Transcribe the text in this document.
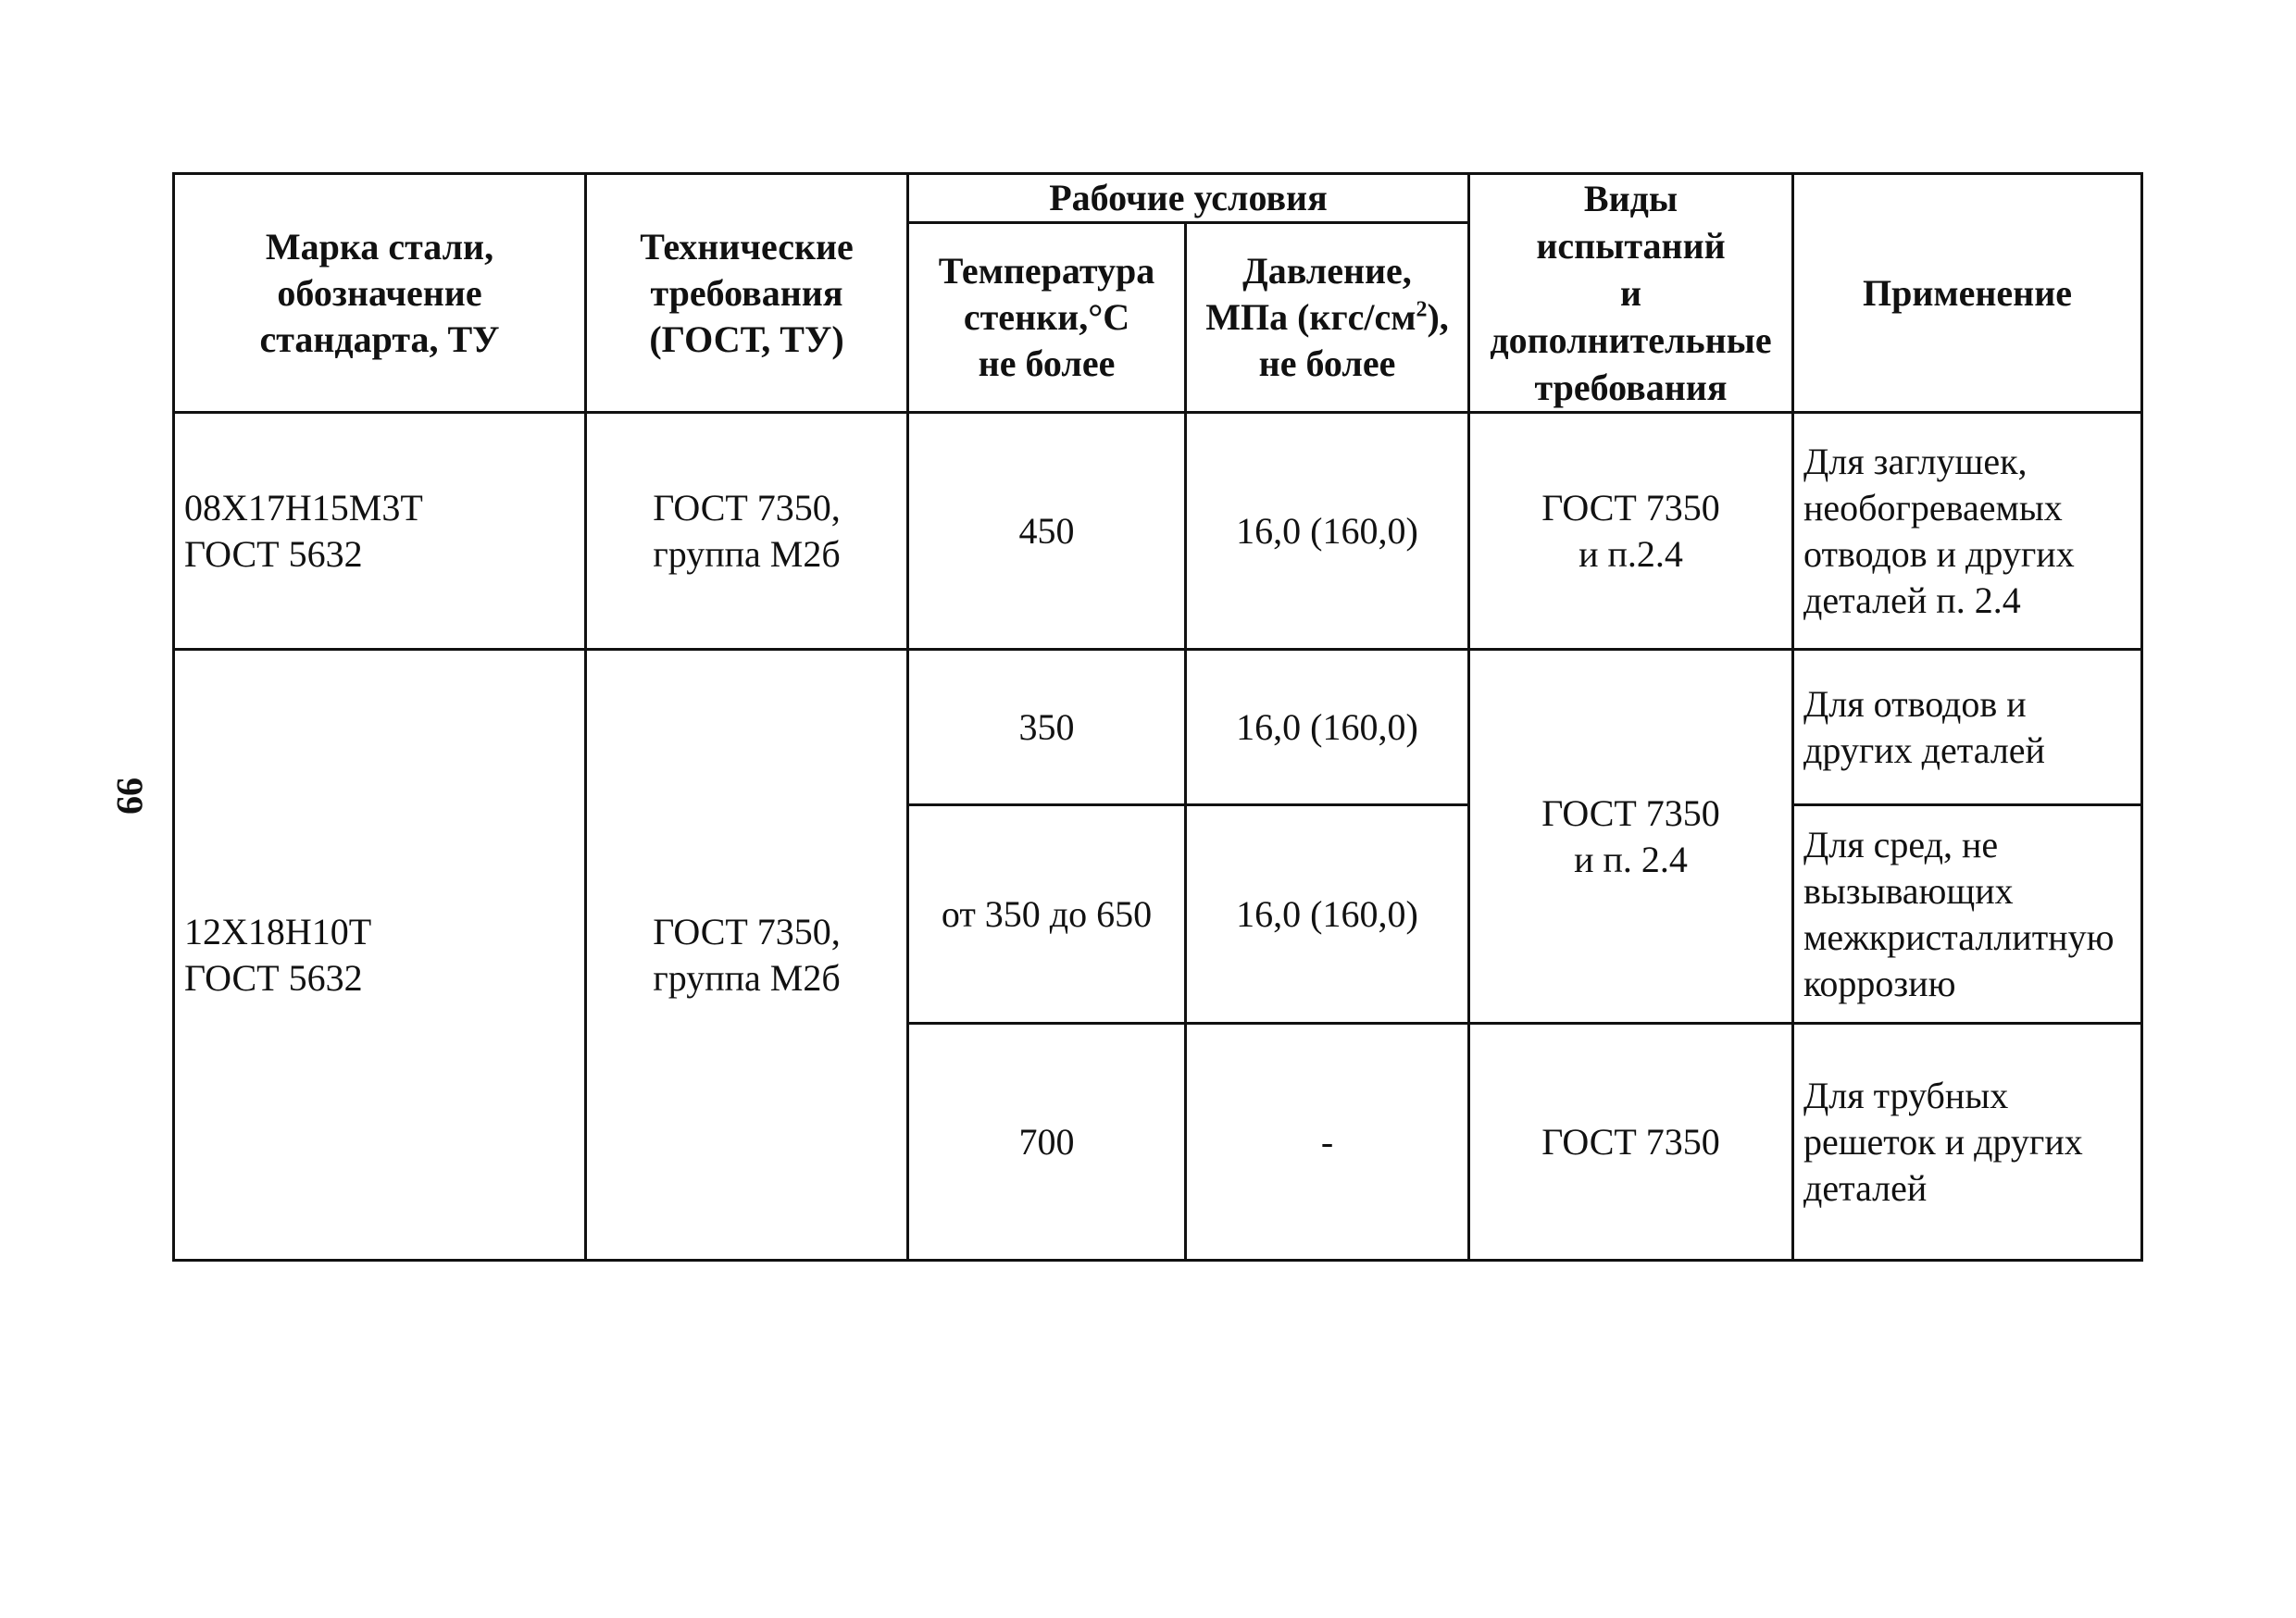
99
Марка стали,
обозначение
стандарта, ТУ	Технические
требования
(ГОСТ, ТУ)	Рабочие условия		Виды
испытаний
и
дополнительные
требования	Применение

		Температура
стенки,°С
не более	Давление,
МПа $(кгс/см^2)$,
не более		

08Х17Н15М3Т
ГОСТ 5632	ГОСТ 7350,
группа М2б	450	16,0 (160,0)	ГОСТ 7350
и п.2.4	Для заглушек,
необогреваемых
отводов и других
деталей п. 2.4

12Х18Н10Т
ГОСТ 5632	ГОСТ 7350,
группа М2б	350	16,0 (160,0)	ГОСТ 7350
и п. 2.4	Для отводов и
других деталей

		от 350 до 650	16,0 (160,0)		Для сред, не
вызывающих
межкристаллитную
коррозию

		700	-	ГОСТ 7350	Для трубных
решеток и других
деталей
